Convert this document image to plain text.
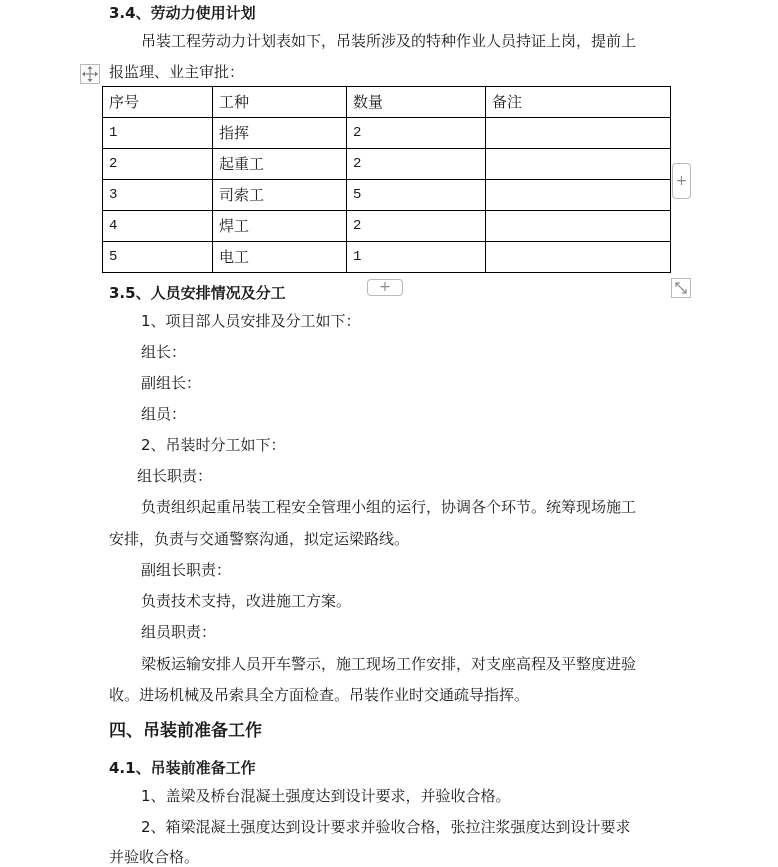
3.4、劳动力使用计划
吊装工程劳动力计划表如下，吊装所涉及的特种作业人员持证上岗，提前上
报监理、业主审批：
序号	工种	数量	备注
1	指挥	2	
2	起重工	2	
3	司索工	5	
4	焊工	2	
5	电工	1	
+
+
3.5、人员安排情况及分工
1、项目部人员安排及分工如下：
组长：
副组长：
组员：
2、吊装时分工如下：
组长职责：
负责组织起重吊装工程安全管理小组的运行，协调各个环节。统筹现场施工
安排，负责与交通警察沟通，拟定运梁路线。
副组长职责：
负责技术支持，改进施工方案。
组员职责：
梁板运输安排人员开车警示，施工现场工作安排，对支座高程及平整度进验
收。进场机械及吊索具全方面检查。吊装作业时交通疏导指挥。
四、吊装前准备工作
4.1、吊装前准备工作
1、盖梁及桥台混凝土强度达到设计要求，并验收合格。
2、箱梁混凝土强度达到设计要求并验收合格，张拉注浆强度达到设计要求
并验收合格。
